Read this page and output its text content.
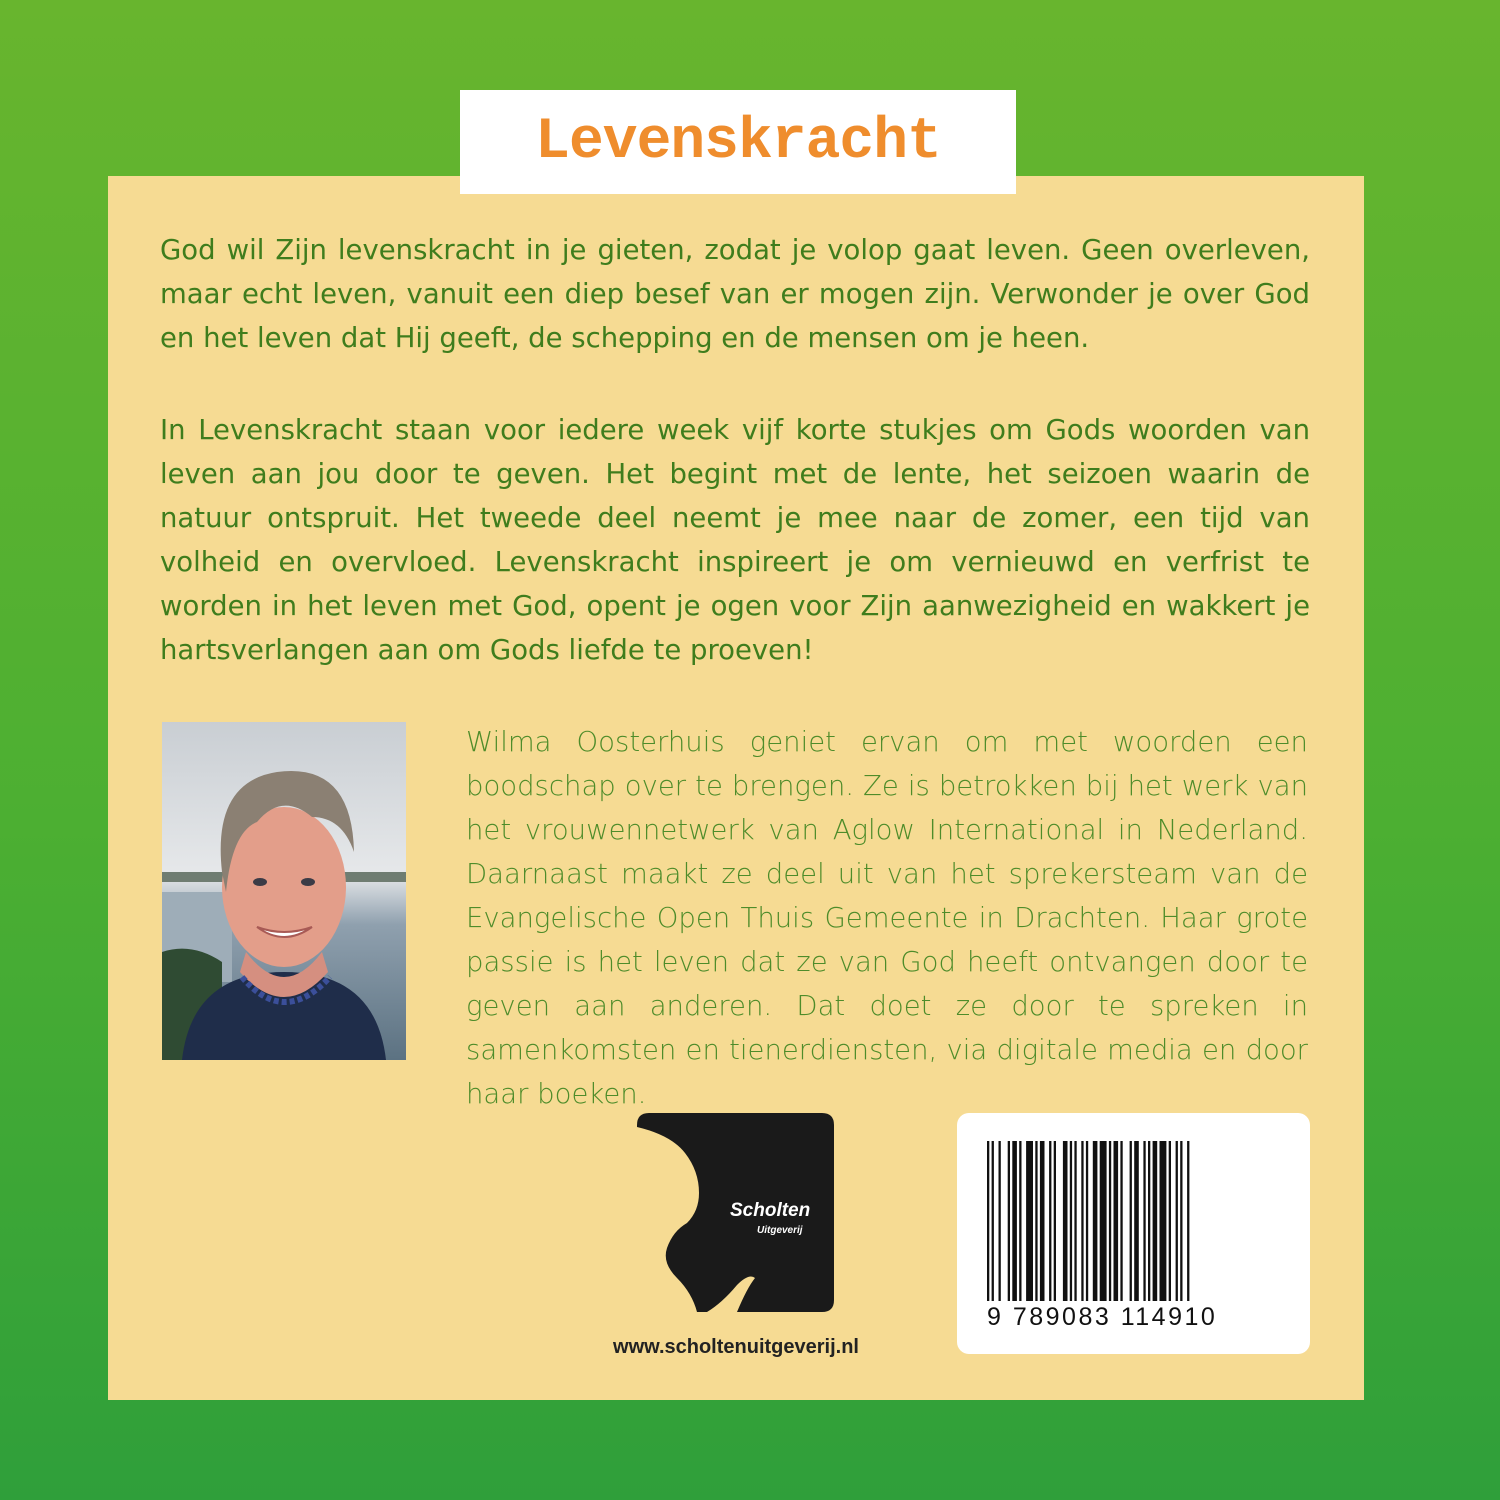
Levenskracht

God wil Zijn levenskracht in je gieten, zodat je volop gaat leven. Geen overleven, maar echt leven, vanuit een diep besef van er mogen zijn. Verwonder je over God en het leven dat Hij geeft, de schepping en de mensen om je heen.

In Levenskracht staan voor iedere week vijf korte stukjes om Gods woorden van leven aan jou door te geven. Het begint met de lente, het seizoen waarin de natuur ontspruit. Het tweede deel neemt je mee naar de zomer, een tijd van volheid en overvloed. Levenskracht inspireert je om vernieuwd en verfrist te worden in het leven met God, opent je ogen voor Zijn aanwezigheid en wakkert je hartsverlangen aan om Gods liefde te proeven!

Wilma Oosterhuis geniet ervan om met woorden een boodschap over te brengen. Ze is betrokken bij het werk van het vrouwennetwerk van Aglow International in Nederland. Daarnaast maakt ze deel uit van het sprekersteam van de Evangelische Open Thuis Gemeente in Drachten. Haar grote passie is het leven dat ze van God heeft ontvangen door te geven aan anderen. Dat doet ze door te spreken in samenkomsten en tienerdiensten, via digitale media en door haar boeken.

Scholten
Uitgeverij
www.scholtenuitgeverij.nl
9 789083 114910
